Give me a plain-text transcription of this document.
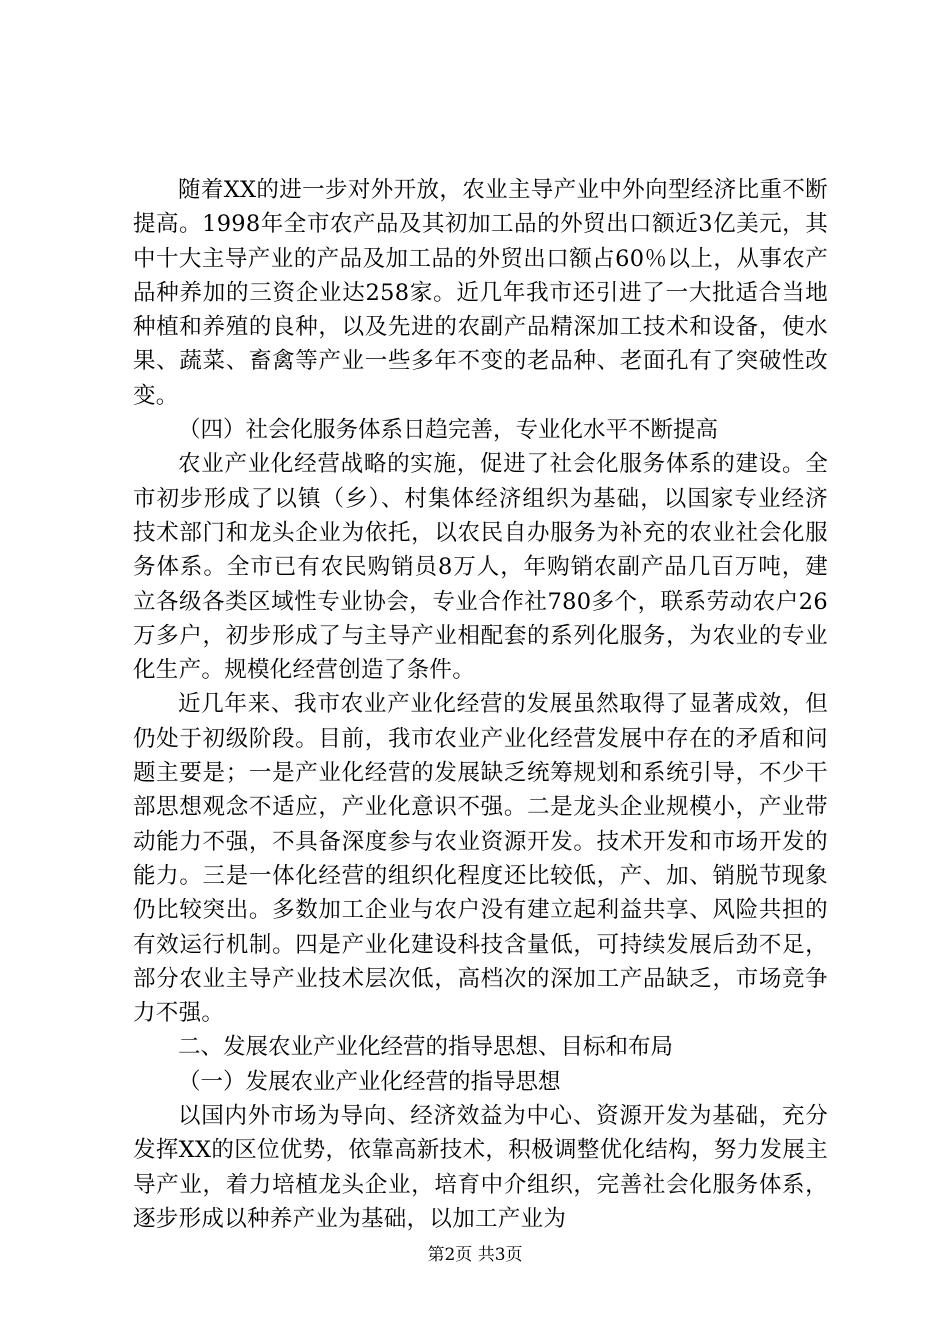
随着XX的进一步对外开放，农业主导产业中外向型经济比重不断提高。1998年全市农产品及其初加工品的外贸出口额近3亿美元，其中十大主导产业的产品及加工品的外贸出口额占60％以上，从事农产品种养加的三资企业达258家。近几年我市还引进了一大批适合当地种植和养殖的良种，以及先进的农副产品精深加工技术和设备，使水果、蔬菜、畜禽等产业一些多年不变的老品种、老面孔有了突破性改变。

（四）社会化服务体系日趋完善，专业化水平不断提高

农业产业化经营战略的实施，促进了社会化服务体系的建设。全市初步形成了以镇（乡）、村集体经济组织为基础，以国家专业经济技术部门和龙头企业为依托，以农民自办服务为补充的农业社会化服务体系。全市已有农民购销员8万人，年购销农副产品几百万吨，建立各级各类区域性专业协会，专业合作社780多个，联系劳动农户26万多户，初步形成了与主导产业相配套的系列化服务，为农业的专业化生产。规模化经营创造了条件。

近几年来、我市农业产业化经营的发展虽然取得了显著成效，但仍处于初级阶段。目前，我市农业产业化经营发展中存在的矛盾和问题主要是；一是产业化经营的发展缺乏统筹规划和系统引导，不少干部思想观念不适应，产业化意识不强。二是龙头企业规模小，产业带动能力不强，不具备深度参与农业资源开发。技术开发和市场开发的能力。三是一体化经营的组织化程度还比较低，产、加、销脱节现象仍比较突出。多数加工企业与农户没有建立起利益共享、风险共担的有效运行机制。四是产业化建设科技含量低，可持续发展后劲不足，部分农业主导产业技术层次低，高档次的深加工产品缺乏，市场竞争力不强。

二、发展农业产业化经营的指导思想、目标和布局

（一）发展农业产业化经营的指导思想

以国内外市场为导向、经济效益为中心、资源开发为基础，充分发挥XX的区位优势，依靠高新技术，积极调整优化结构，努力发展主导产业，着力培植龙头企业，培育中介组织，完善社会化服务体系，逐步形成以种养产业为基础，以加工产业为

第2页 共3页
